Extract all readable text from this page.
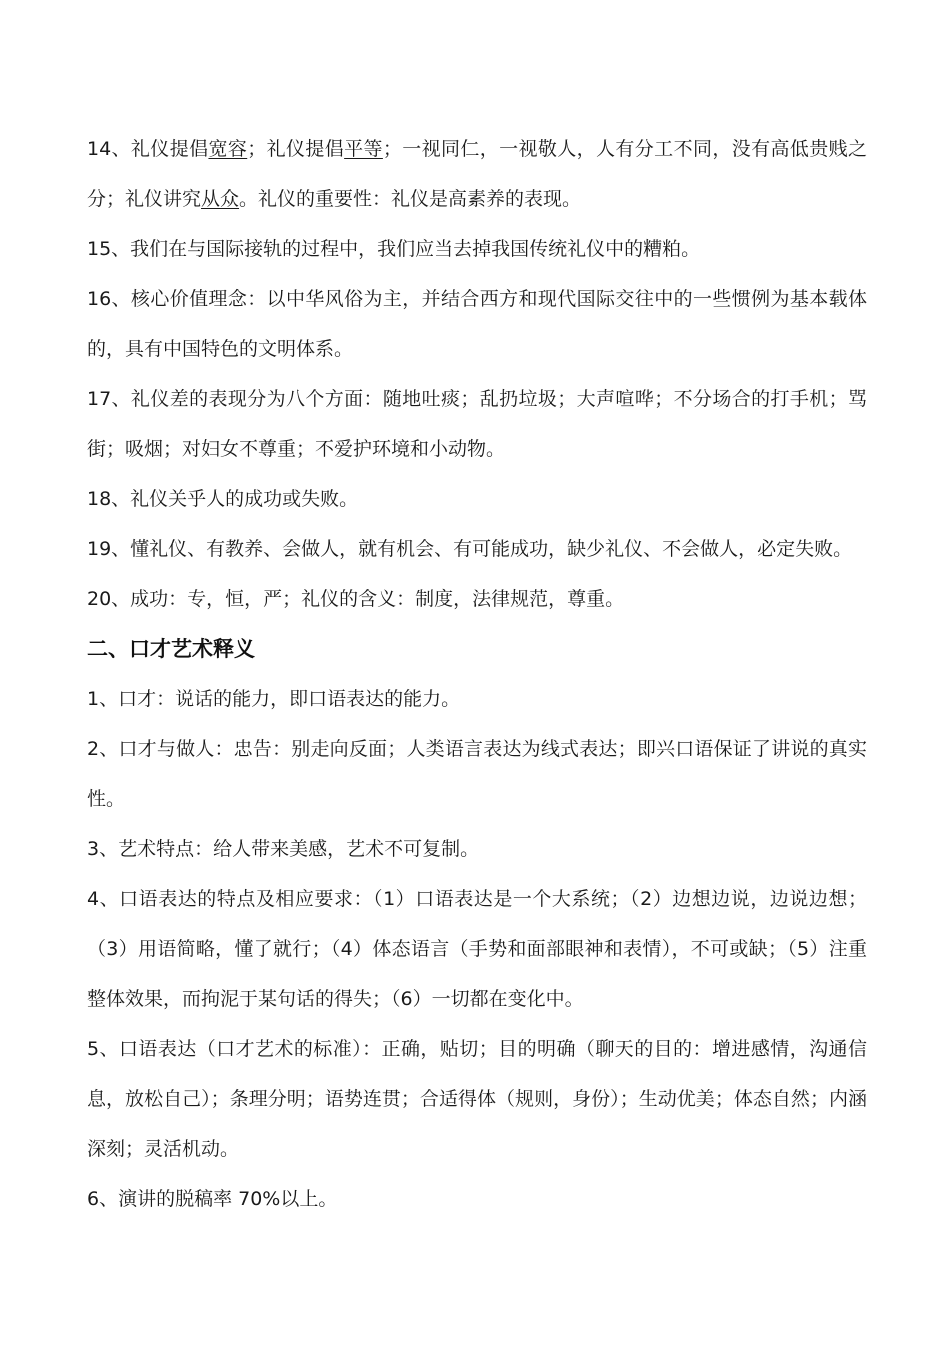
14、礼仪提倡宽容；礼仪提倡平等；一视同仁，一视敬人，人有分工不同，没有高低贵贱之分；礼仪讲究从众。礼仪的重要性：礼仪是高素养的表现。

15、我们在与国际接轨的过程中，我们应当去掉我国传统礼仪中的糟粕。

16、核心价值理念：以中华风俗为主，并结合西方和现代国际交往中的一些惯例为基本载体的，具有中国特色的文明体系。

17、礼仪差的表现分为八个方面：随地吐痰；乱扔垃圾；大声喧哗；不分场合的打手机；骂街；吸烟；对妇女不尊重；不爱护环境和小动物。

18、礼仪关乎人的成功或失败。

19、懂礼仪、有教养、会做人，就有机会、有可能成功，缺少礼仪、不会做人，必定失败。

20、成功：专，恒，严；礼仪的含义：制度，法律规范，尊重。

二、口才艺术释义

1、口才：说话的能力，即口语表达的能力。

2、口才与做人：忠告：别走向反面；人类语言表达为线式表达；即兴口语保证了讲说的真实性。

3、艺术特点：给人带来美感，艺术不可复制。

4、口语表达的特点及相应要求：（1）口语表达是一个大系统；（2）边想边说，边说边想；（3）用语简略，懂了就行；（4）体态语言（手势和面部眼神和表情），不可或缺；（5）注重整体效果，而拘泥于某句话的得失；（6）一切都在变化中。

5、口语表达（口才艺术的标准）：正确，贴切；目的明确（聊天的目的：增进感情，沟通信息，放松自己）；条理分明；语势连贯；合适得体（规则，身份）；生动优美；体态自然；内涵深刻；灵活机动。

6、演讲的脱稿率 70%以上。
